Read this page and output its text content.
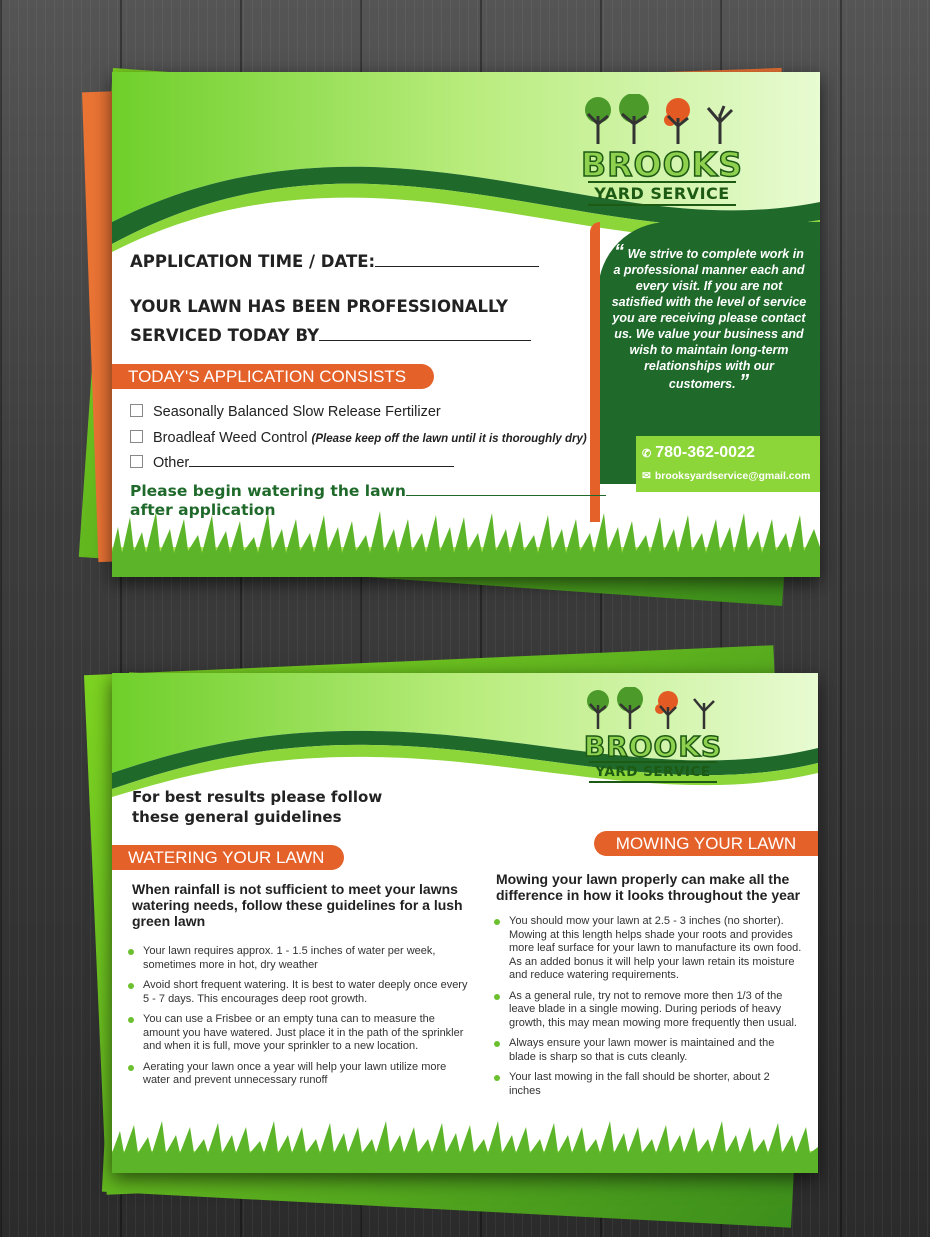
BROOKS
YARD SERVICE
“ We strive to complete work in a professional manner each and every visit. If you are not satisfied with the level of service you are receiving please contact us. We value your business and wish to maintain long-term relationships with our customers. ”
✆ 780-362-0022
✉ brooksyardservice@gmail.com
APPLICATION TIME / DATE:
YOUR LAWN HAS BEEN PROFESSIONALLY
SERVICED TODAY BY
TODAY'S APPLICATION CONSISTS OF
Seasonally Balanced Slow Release Fertilizer
Broadleaf Weed Control (Please keep off the lawn until it is thoroughly dry)
Other
Please begin watering the lawn
after application
BROOKS
YARD SERVICE
For best results please follow
these general guidelines
WATERING YOUR LAWN
When rainfall is not sufficient to meet your lawns watering needs, follow these guidelines for a lush green lawn
Your lawn requires approx. 1 - 1.5 inches of water per week, sometimes more in hot, dry weather
Avoid short frequent watering. It is best to water deeply once every 5 - 7 days. This encourages deep root growth.
You can use a Frisbee or an empty tuna can to measure the amount you have watered. Just place it in the path of the sprinkler and when it is full, move your sprinkler to a new location.
Aerating your lawn once a year will help your lawn utilize more water and prevent unnecessary runoff
MOWING YOUR LAWN
Mowing your lawn properly can make all the difference in how it looks throughout the year
You should mow your lawn at 2.5 - 3 inches (no shorter). Mowing at this length helps shade your roots and provides more leaf surface for your lawn to manufacture its own food. As an added bonus it will help your lawn retain its moisture and reduce watering requirements.
As a general rule, try not to remove more then 1/3 of the leave blade in a single mowing. During periods of heavy growth, this may mean mowing more frequently then usual.
Always ensure your lawn mower is maintained and the blade is sharp so that is cuts cleanly.
Your last mowing in the fall should be shorter, about 2 inches
